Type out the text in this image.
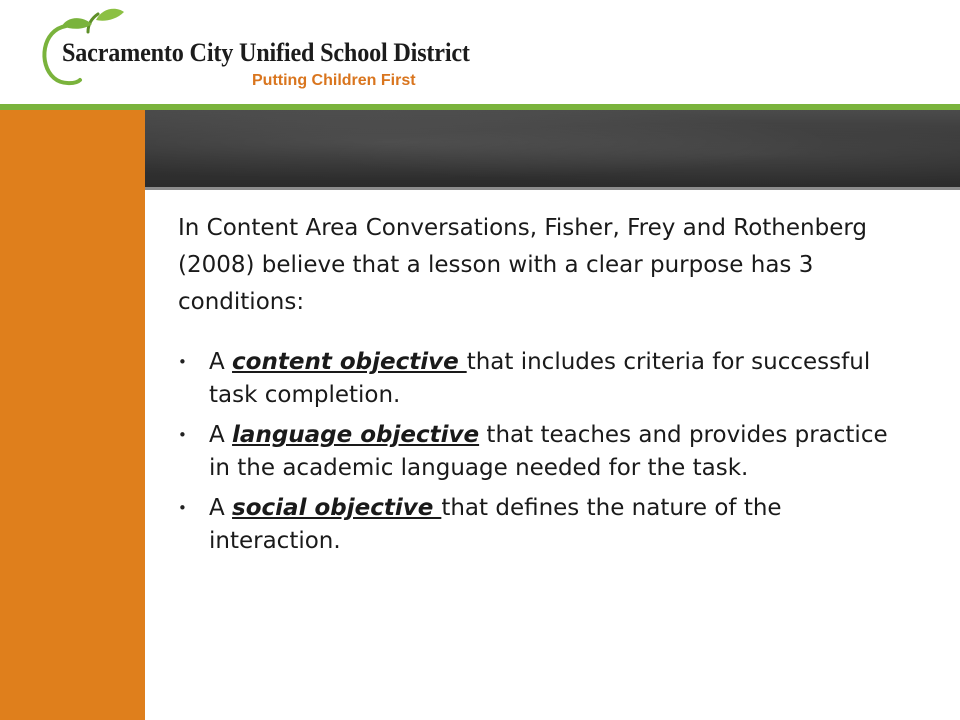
Sacramento City Unified School District
Putting Children First

In Content Area Conversations, Fisher, Frey and Rothenberg (2008) believe that a lesson with a clear purpose has 3 conditions:

• A content objective that includes criteria for successful task completion.
• A language objective that teaches and provides practice in the academic language needed for the task.
• A social objective that defines the nature of the interaction.
